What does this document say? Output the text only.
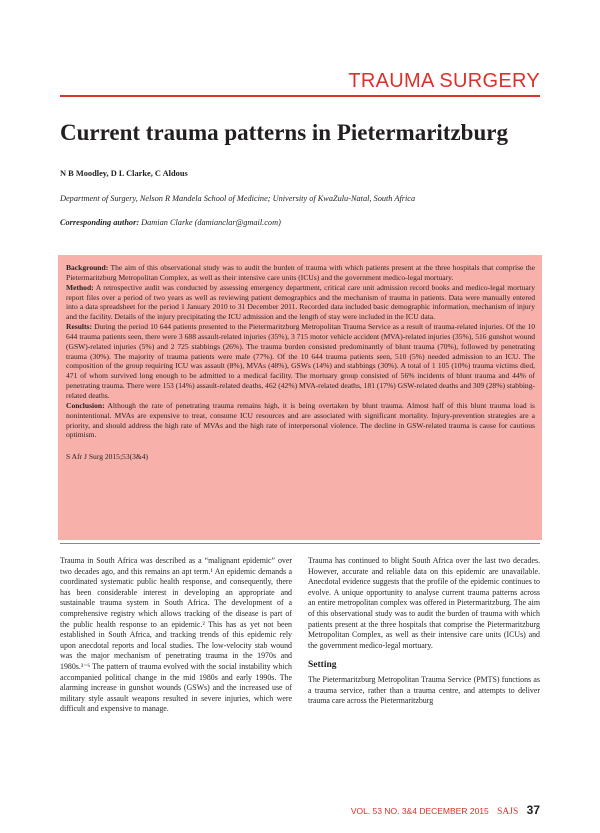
TRAUMA SURGERY
Current trauma patterns in Pietermaritzburg
N B Moodley, D L Clarke, C Aldous
Department of Surgery, Nelson R Mandela School of Medicine; University of KwaZulu-Natal, South Africa
Corresponding author: Damian Clarke (damianclar@gmail.com)

Background: The aim of this observational study was to audit the burden of trauma with which patients present at the three hospitals that comprise the Pietermaritzburg Metropolitan Complex, as well as their intensive care units (ICUs) and the government medico-legal mortuary.

Method: A retrospective audit was conducted by assessing emergency department, critical care unit admission record books and medico-legal mortuary report files over a period of two years as well as reviewing patient demographics and the mechanism of trauma in patients. Data were manually entered into a data spreadsheet for the period 1 January 2010 to 31 December 2011. Recorded data included basic demographic information, mechanism of injury and the facility. Details of the injury precipitating the ICU admission and the length of stay were included in the ICU data.

Results: During the period 10 644 patients presented to the Pietermaritzburg Metropolitan Trauma Service as a result of trauma-related injuries. Of the 10 644 trauma patients seen, there were 3 688 assault-related injuries (35%), 3 715 motor vehicle accident (MVA)-related injuries (35%), 516 gunshot wound (GSW)-related injuries (5%) and 2 725 stabbings (26%). The trauma burden consisted predominantly of blunt trauma (70%), followed by penetrating trauma (30%). The majority of trauma patients were male (77%). Of the 10 644 trauma patients seen, 510 (5%) needed admission to an ICU. The composition of the group requiring ICU was assault (8%), MVAs (48%), GSWs (14%) and stabbings (30%). A total of 1 105 (10%) trauma victims died, 471 of whom survived long enough to be admitted to a medical facility. The mortuary group consisted of 56% incidents of blunt trauma and 44% of penetrating trauma. There were 153 (14%) assault-related deaths, 462 (42%) MVA-related deaths, 181 (17%) GSW-related deaths and 309 (28%) stabbing-related deaths.

Conclusion: Although the rate of penetrating trauma remains high, it is being overtaken by blunt trauma. Almost half of this blunt trauma load is nonintentional. MVAs are expensive to treat, consume ICU resources and are associated with significant mortality. Injury-prevention strategies are a priority, and should address the high rate of MVAs and the high rate of interpersonal violence. The decline in GSW-related trauma is cause for cautious optimism.

S Afr J Surg 2015;53(3&4)

Trauma in South Africa was described as a “malignant epidemic” over two decades ago, and this remains an apt term.¹ An epidemic demands a coordinated systematic public health response, and consequently, there has been considerable interest in developing an appropriate and sustainable trauma system in South Africa. The development of a comprehensive registry which allows tracking of the disease is part of the public health response to an epidemic.² This has as yet not been established in South Africa, and tracking trends of this epidemic rely upon anecdotal reports and local studies. The low-velocity stab wound was the major mechanism of penetrating trauma in the 1970s and 1980s.³⁻⁶ The pattern of trauma evolved with the social instability which accompanied political change in the mid 1980s and early 1990s. The alarming increase in gunshot wounds (GSWs) and the increased use of military style assault weapons resulted in severe injuries, which were difficult and expensive to manage.

Trauma has continued to blight South Africa over the last two decades. However, accurate and reliable data on this epidemic are unavailable. Anecdotal evidence suggests that the profile of the epidemic continues to evolve. A unique opportunity to analyse current trauma patterns across an entire metropolitan complex was offered in Pietermaritzburg. The aim of this observational study was to audit the burden of trauma with which patients present at the three hospitals that comprise the Pietermaritzburg Metropolitan Complex, as well as their intensive care units (ICUs) and the government medico-legal mortuary.

Setting

The Pietermaritzburg Metropolitan Trauma Service (PMTS) functions as a trauma service, rather than a trauma centre, and attempts to deliver trauma care across the Pietermaritzburg

VOL. 53 NO. 3&4 DECEMBER 2015 SAJS 37
